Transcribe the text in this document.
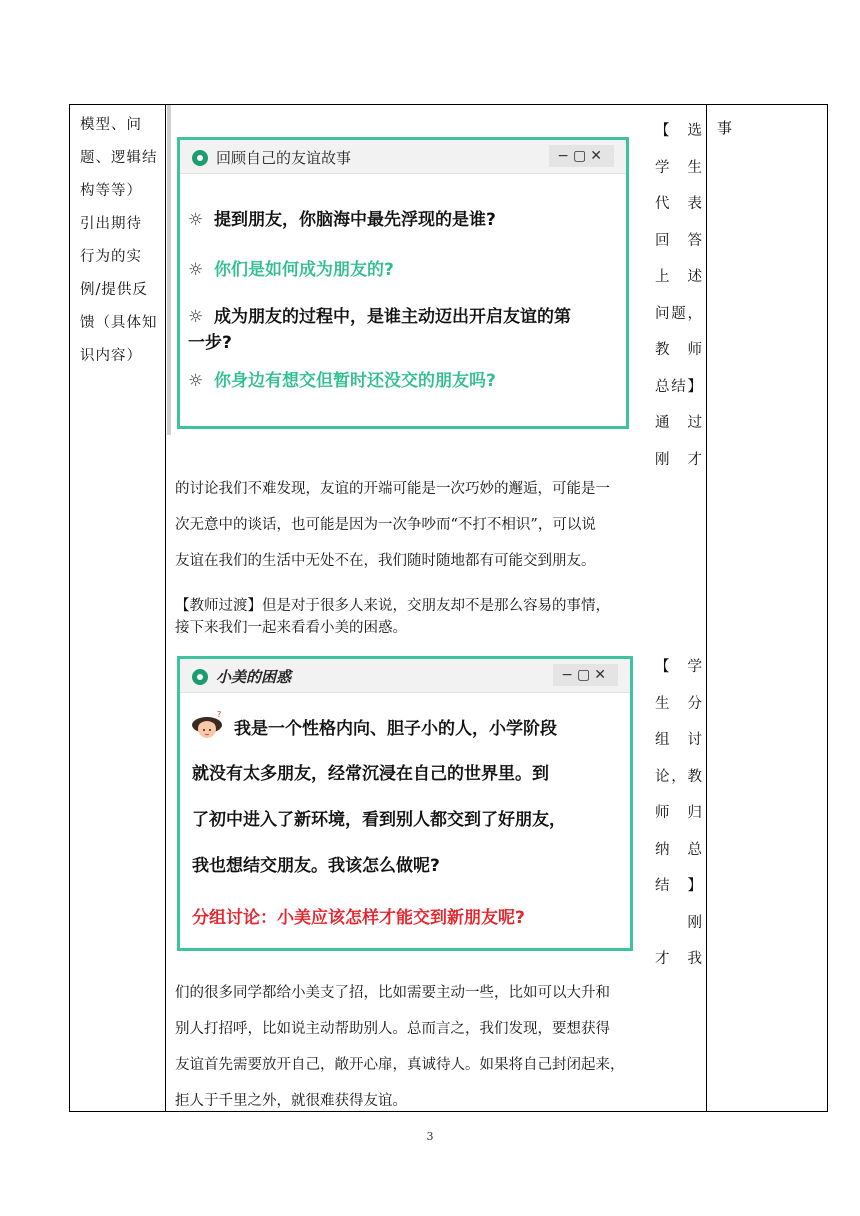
模型、问
题、逻辑结
构等等）
引出期待
行为的实
例/提供反
馈（具体知
识内容）
事
回顾自己的友谊故事	−▢✕
☼ 提到朋友，你脑海中最先浮现的是谁?
☼ 你们是如何成为朋友的?
☼ 成为朋友的过程中，是谁主动迈出开启友谊的第
一步?
☼ 你身边有想交但暂时还没交的朋友吗?
【 选
学 生
代 表
回 答
上 述
问题，
教 师
总结】
通 过
刚 才
的讨论我们不难发现，友谊的开端可能是一次巧妙的邂逅，可能是一
次无意中的谈话，也可能是因为一次争吵而“不打不相识”，可以说
友谊在我们的生活中无处不在，我们随时随地都有可能交到朋友。
【教师过渡】但是对于很多人来说，交朋友却不是那么容易的事情，
接下来我们一起来看看小美的困惑。
小美的困惑	−▢✕
?
我是一个性格内向、胆子小的人，小学阶段
就没有太多朋友，经常沉浸在自己的世界里。到
了初中进入了新环境，看到别人都交到了好朋友，
我也想结交朋友。我该怎么做呢?
分组讨论：小美应该怎样才能交到新朋友呢?
【 学
生 分
组 讨
论，教
师 归
纳 总
结】
刚
才 我
们的很多同学都给小美支了招，比如需要主动一些，比如可以大升和
别人打招呼，比如说主动帮助别人。总而言之，我们发现，要想获得
友谊首先需要放开自己，敞开心扉，真诚待人。如果将自己封闭起来，
拒人于千里之外，就很难获得友谊。
3
